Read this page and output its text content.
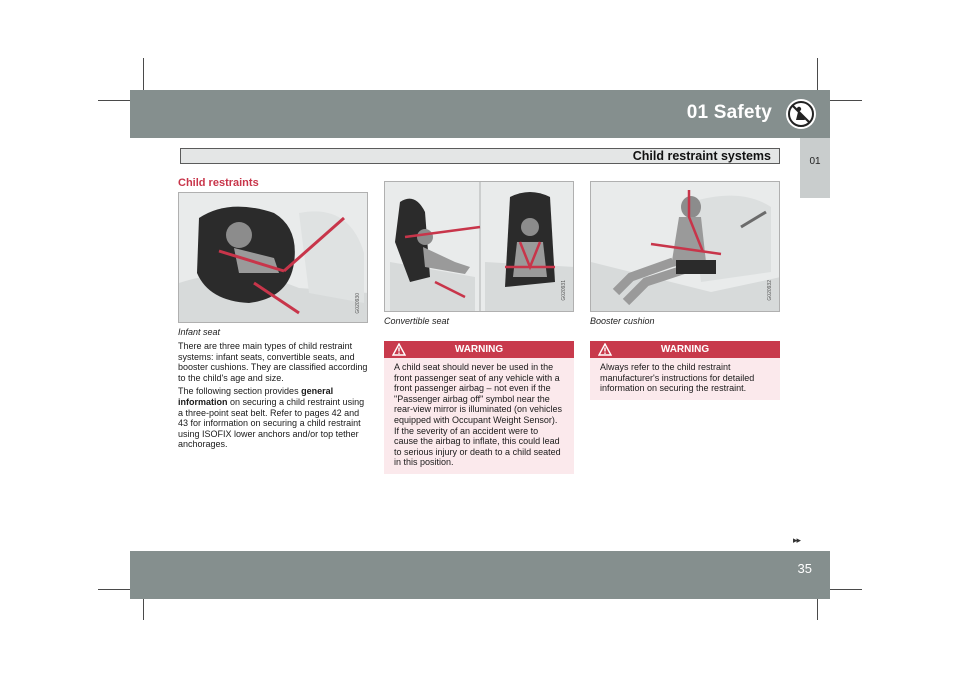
01 Safety
01
Child restraint systems
Child restraints
G020930
Infant seat
There are three main types of child restraint systems: infant seats, convertible seats, and booster cushions. They are classified according to the child's age and size.
The following section provides general information on securing a child restraint using a three-point seat belt. Refer to pages 42 and 43 for information on securing a child restraint using ISOFIX lower anchors and/or top tether anchorages.
G020931
Convertible seat
WARNING
A child seat should never be used in the front passenger seat of any vehicle with a front passenger airbag – not even if the "Passenger airbag off" symbol near the rear-view mirror is illuminated (on vehicles equipped with Occupant Weight Sensor). If the severity of an accident were to cause the airbag to inflate, this could lead to serious injury or death to a child seated in this position.
G020932
Booster cushion
WARNING
Always refer to the child restraint manufacturer's instructions for detailed information on securing the restraint.
▸▸
35
